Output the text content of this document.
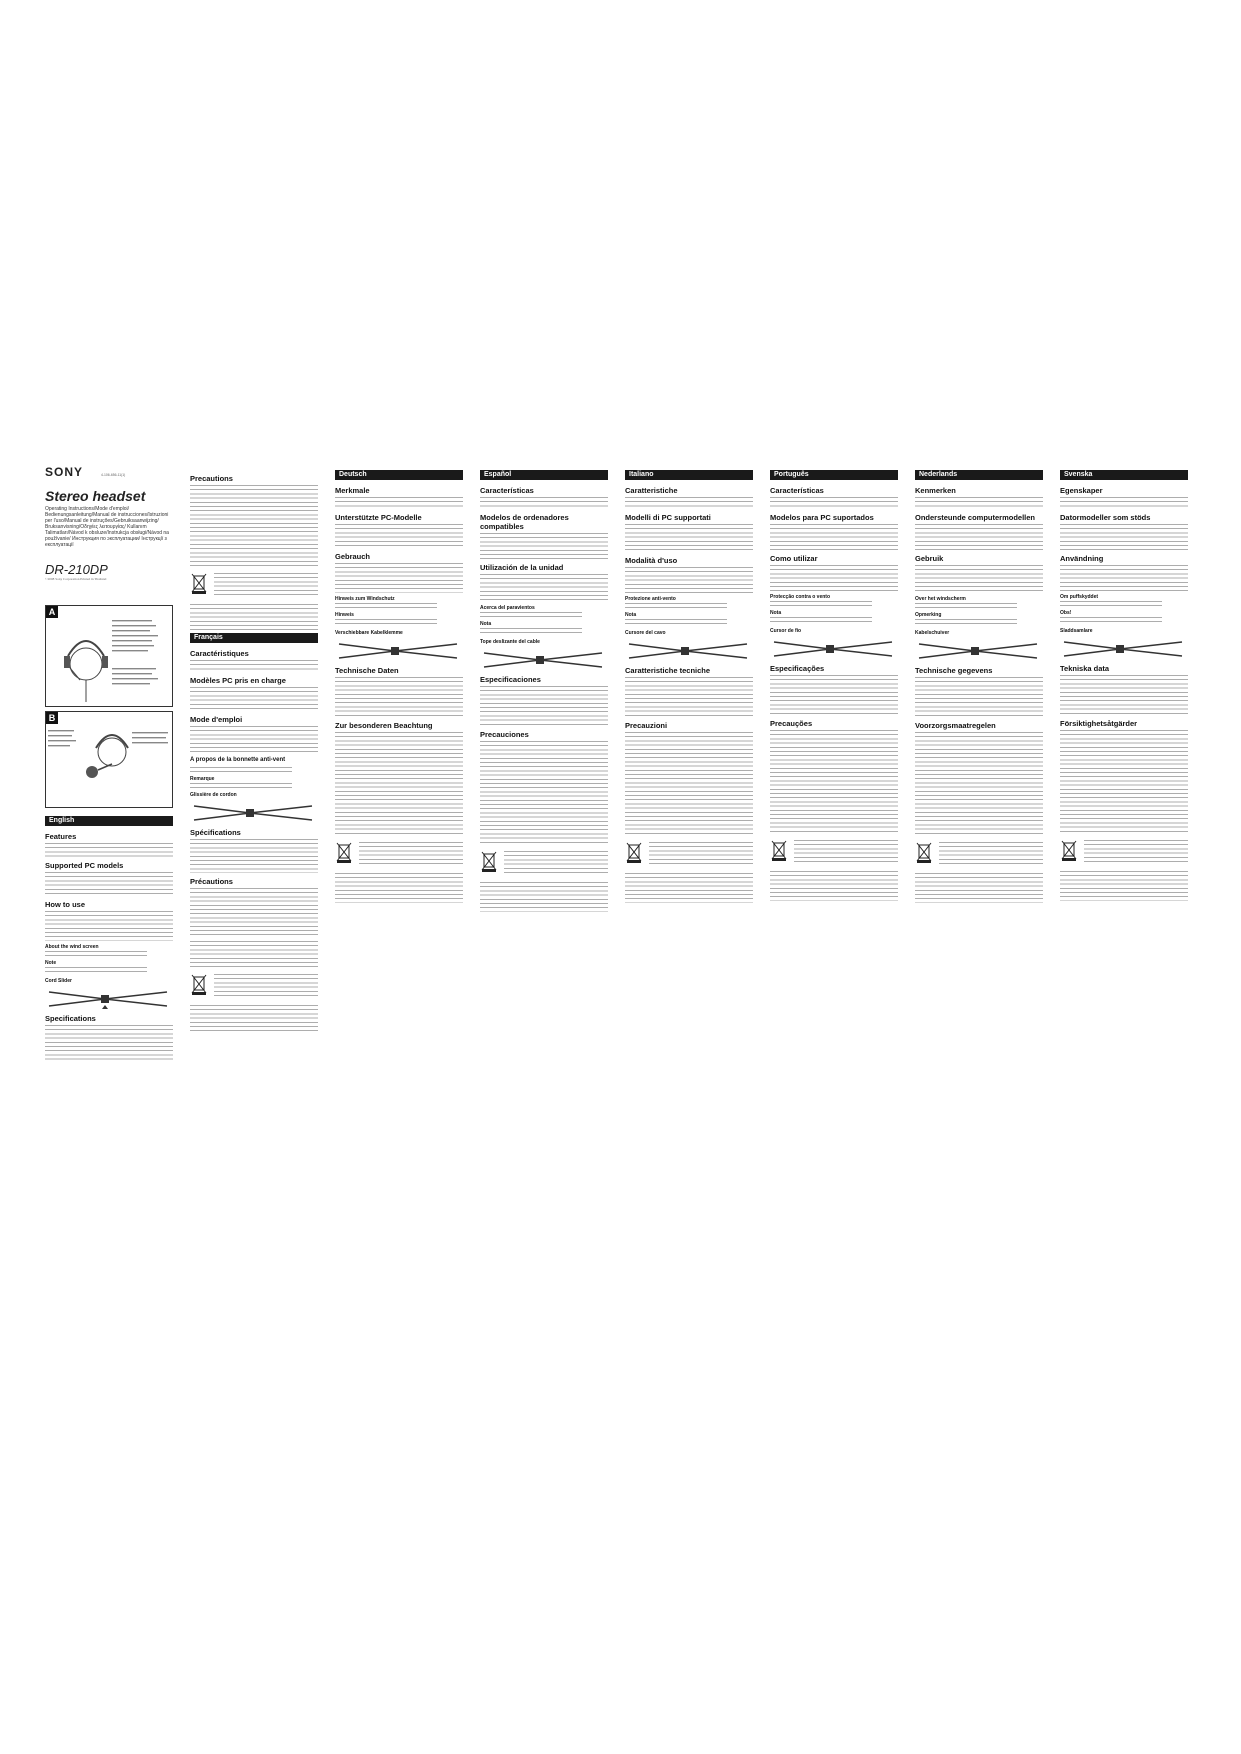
SONY	4-106-656-11(1)
Stereo headset
Operating Instructions/Mode d'emploi/ Bedienungsanleitung/Manual de instrucciones/Istruzioni per l'uso/Manual de instruções/Gebruiksaanwijzing/ Bruksanvisning/Οδηγίες λειτουργίας/ Kullanım Talimatları/Návod k obsluze/Instrukcja obsługi/Návod na používanie/ Инструкция по эксплуатации/ Інструкції з експлуатації
DR-210DP
©2008 Sony Corporation Printed in Thailand
A
B
English
Features
Supported PC models
How to use
About the wind screen
Note
Cord Slider
Specifications
Precautions
Français
Caractéristiques
Modèles PC pris en charge
Mode d'emploi
A propos de la bonnette anti-vent
Remarque
Glissière de cordon
Spécifications
Précautions
Deutsch
Merkmale
Unterstützte PC-Modelle
Gebrauch
Hinweis zum Windschutz
Hinweis
Verschiebbare Kabelklemme
Technische Daten
Zur besonderen Beachtung
Español
Características
Modelos de ordenadores compatibles
Utilización de la unidad
Acerca del paravientos
Nota
Tope deslizante del cable
Especificaciones
Precauciones
Italiano
Caratteristiche
Modelli di PC supportati
Modalità d'uso
Protezione anti-vento
Nota
Cursore del cavo
Caratteristiche tecniche
Precauzioni
Português
Características
Modelos para PC suportados
Como utilizar
Protecção contra o vento
Nota
Cursor de fio
Especificações
Precauções
Nederlands
Kenmerken
Ondersteunde computermodellen
Gebruik
Over het windscherm
Opmerking
Kabelschuiver
Technische gegevens
Voorzorgsmaatregelen
Svenska
Egenskaper
Datormodeller som stöds
Användning
Om puffskyddet
Obs!
Sladdsamlare
Tekniska data
Försiktighetsåtgärder
